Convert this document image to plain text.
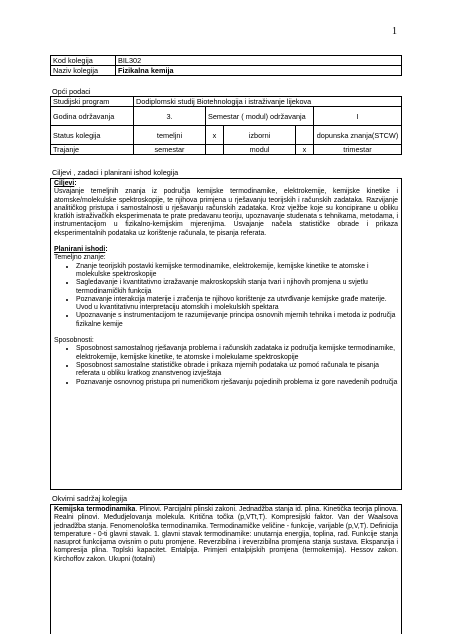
1
Kod kolegija	BIL302
Naziv kolegija	Fizikalna kemija
Opći podaci
Studijski program	Dodiplomski studij Biotehnologija i istraživanje lijekova				
Godina održavanja	3.	Semestar ( modul) održavanja			I
Status kolegija	temeljni	x	izborni		dopunska znanja(STCW)
Trajanje	semestar		modul	x	trimestar
Ciljevi , zadaci i planirani ishod kolegija

Ciljevi:

Usvajanje temeljnih znanja iz područja kemijske termodinamike, elektrokemije, kemijske kinetike i atomske/molekulske spektroskopije, te njihova primjena u rješavanju teorijskih i računskih zadataka. Razvijanje analitičkog pristupa i samostalnosti u rješavanju računskih zadataka. Kroz vježbe koje su koncipirane u obliku kratkih istraživačkih eksperimenata te prate predavanu teoriju, upoznavanje studenata s tehnikama, metodama, i instrumentacijom u fizikalno-kemijskim mjerenjima. Usvajanje načela statističke obrade i prikaza eksperimentalnih podataka uz korištenje računala, te pisanja referata.

Planirani ishodi:

Temeljno znanje:

• Znanje teorijskih postavki kemijske termodinamike, elektrokemije, kemijske kinetike te atomske i molekulske spektroskopije
• Sagledavanje i kvantitativno izražavanje makroskopskih stanja tvari i njihovih promjena u svjetlu termodinamičkih funkcija
• Poznavanje interakcija materije i zračenja te njihovo korištenje za utvrđivanje kemijske građe materije. Uvod u kvantitativnu interpretaciju atomskih i molekulskih spektara
• Upoznavanje s instrumentacijom te razumijevanje principa osnovnih mjernih tehnika i metoda iz područja fizikalne kemije

Sposobnosti:

• Sposobnost samostalnog rješavanja problema i računskih zadataka iz područja kemijske termodinamike, elektrokemije, kemijske kinetike, te atomske i molekulame spektroskopije
• Sposobnost samostalne statističke obrade i prikaza mjernih podataka uz pomoć računala te pisanja referata u obliku kratkog znanstvenog izvještaja
• Poznavanje osnovnog pristupa pri numeričkom rješavanju pojedinih problema iz gore navedenih područja
Okvirni sadržaj kolegija

Kemijska termodinamika. Plinovi. Parcijalni plinski zakoni. Jednadžba stanja id. plina. Kinetička teorija plinova. Realni plinovi. Međudjelovanja molekula. Kritična točka (p,VTt,T). Kompresijski faktor. Van der Waalsova jednadžba stanja. Fenomenološka termodinamika. Termodinamičke veličine - funkcije, varijable (p,V,T). Definicija temperature - 0-ti glavni stavak. 1. glavni stavak termodinamike: unutarnja energija, toplina, rad. Funkcije stanja nasuprot funkcijama ovisnim o putu promjene. Reverzibilna i ireverzibilna promjena stanja sustava. Ekspanzija i kompresija plina. Toplski kapacitet. Entalpija. Primjeri entalpijskih promjena (termokemija). Hessov zakon. Kirchoffov zakon. Ukupni (totalni)
